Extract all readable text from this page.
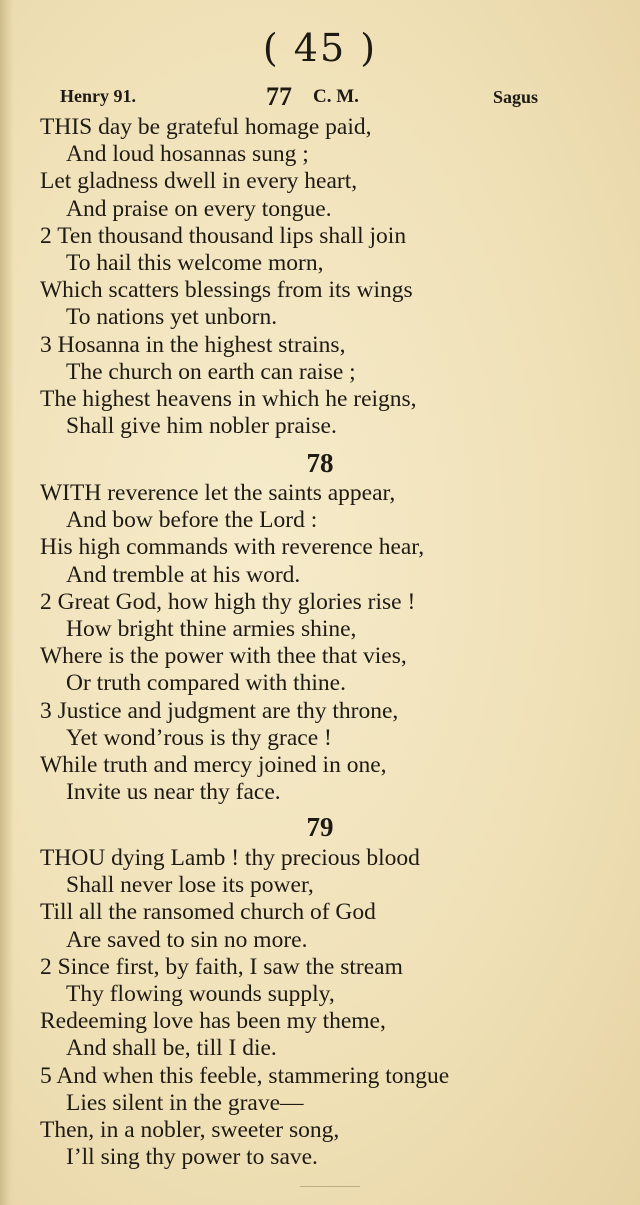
( 45 )
Henry 91.	77 C. M.	Sagus
THIS day be grateful homage paid,
And loud hosannas sung ;
Let gladness dwell in every heart,
And praise on every tongue.
2 Ten thousand thousand lips shall join
To hail this welcome morn,
Which scatters blessings from its wings
To nations yet unborn.
3 Hosanna in the highest strains,
The church on earth can raise ;
The highest heavens in which he reigns,
Shall give him nobler praise.
78
WITH reverence let the saints appear,
And bow before the Lord :
His high commands with reverence hear,
And tremble at his word.
2 Great God, how high thy glories rise !
How bright thine armies shine,
Where is the power with thee that vies,
Or truth compared with thine.
3 Justice and judgment are thy throne,
Yet wond’rous is thy grace !
While truth and mercy joined in one,
Invite us near thy face.
79
THOU dying Lamb ! thy precious blood
Shall never lose its power,
Till all the ransomed church of God
Are saved to sin no more.
2 Since first, by faith, I saw the stream
Thy flowing wounds supply,
Redeeming love has been my theme,
And shall be, till I die.
5 And when this feeble, stammering tongue
Lies silent in the grave—
Then, in a nobler, sweeter song,
I’ll sing thy power to save.
